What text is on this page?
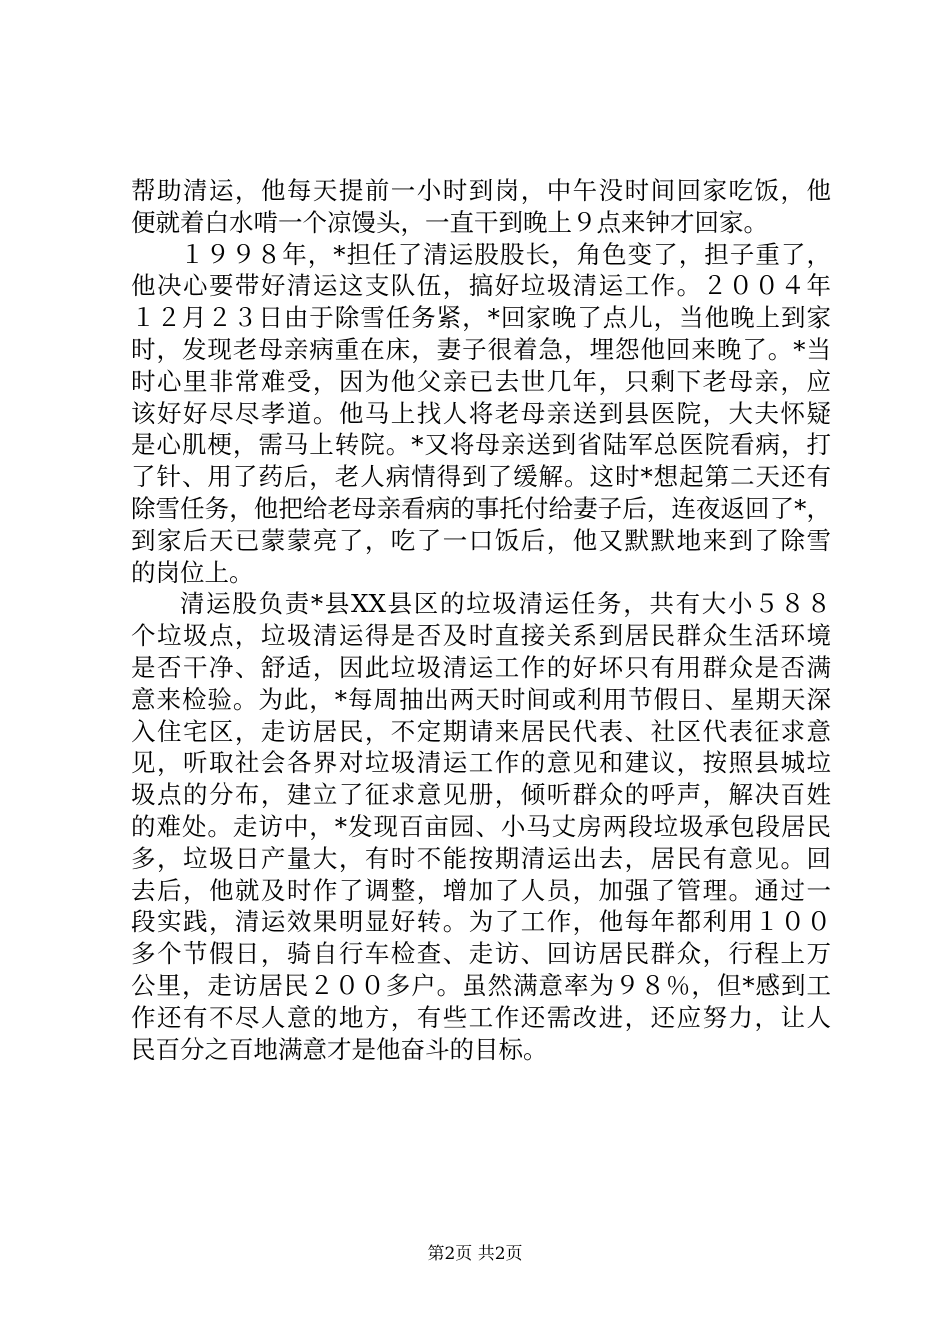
帮助清运，他每天提前一小时到岗，中午没时间回家吃饭，他
便就着白水啃一个凉馒头，一直干到晚上９点来钟才回家。
１９９８年，*担任了清运股股长，角色变了，担子重了，
他决心要带好清运这支队伍，搞好垃圾清运工作。２００４年
１２月２３日由于除雪任务紧，*回家晚了点儿，当他晚上到家
时，发现老母亲病重在床，妻子很着急，埋怨他回来晚了。*当
时心里非常难受，因为他父亲已去世几年，只剩下老母亲，应
该好好尽尽孝道。他马上找人将老母亲送到县医院，大夫怀疑
是心肌梗，需马上转院。*又将母亲送到省陆军总医院看病，打
了针、用了药后，老人病情得到了缓解。这时*想起第二天还有
除雪任务，他把给老母亲看病的事托付给妻子后，连夜返回了*，
到家后天已蒙蒙亮了，吃了一口饭后，他又默默地来到了除雪
的岗位上。
清运股负责*县XX县区的垃圾清运任务，共有大小５８８
个垃圾点，垃圾清运得是否及时直接关系到居民群众生活环境
是否干净、舒适，因此垃圾清运工作的好坏只有用群众是否满
意来检验。为此，*每周抽出两天时间或利用节假日、星期天深
入住宅区，走访居民，不定期请来居民代表、社区代表征求意
见，听取社会各界对垃圾清运工作的意见和建议，按照县城垃
圾点的分布，建立了征求意见册，倾听群众的呼声，解决百姓
的难处。走访中，*发现百亩园、小马丈房两段垃圾承包段居民
多，垃圾日产量大，有时不能按期清运出去，居民有意见。回
去后，他就及时作了调整，增加了人员，加强了管理。通过一
段实践，清运效果明显好转。为了工作，他每年都利用１００
多个节假日，骑自行车检查、走访、回访居民群众，行程上万
公里，走访居民２００多户。虽然满意率为９８％，但*感到工
作还有不尽人意的地方，有些工作还需改进，还应努力，让人
民百分之百地满意才是他奋斗的目标。
第2页 共2页
